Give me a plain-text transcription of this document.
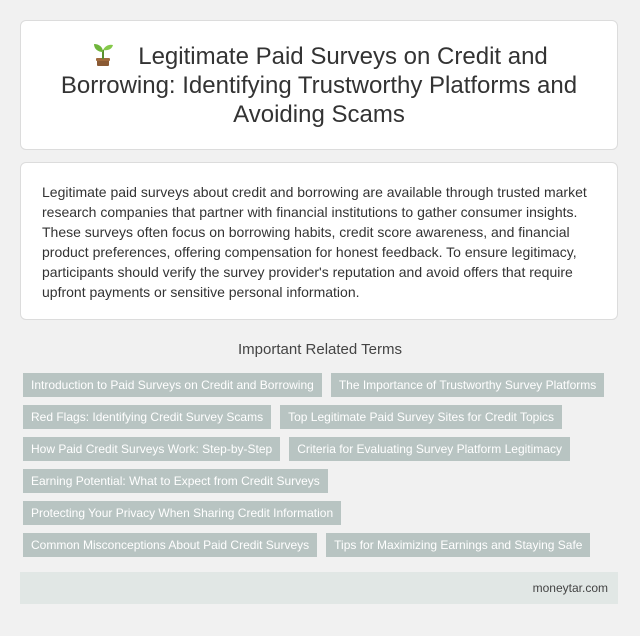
Legitimate Paid Surveys on Credit and Borrowing: Identifying Trustworthy Platforms and Avoiding Scams

Legitimate paid surveys about credit and borrowing are available through trusted market research companies that partner with financial institutions to gather consumer insights. These surveys often focus on borrowing habits, credit score awareness, and financial product preferences, offering compensation for honest feedback. To ensure legitimacy, participants should verify the survey provider's reputation and avoid offers that require upfront payments or sensitive personal information.

Important Related Terms
Introduction to Paid Surveys on Credit and Borrowing	The Importance of Trustworthy Survey Platforms
Red Flags: Identifying Credit Survey Scams	Top Legitimate Paid Survey Sites for Credit Topics
How Paid Credit Surveys Work: Step-by-Step	Criteria for Evaluating Survey Platform Legitimacy
Earning Potential: What to Expect from Credit Surveys
Protecting Your Privacy When Sharing Credit Information
Common Misconceptions About Paid Credit Surveys	Tips for Maximizing Earnings and Staying Safe
moneytar.com
